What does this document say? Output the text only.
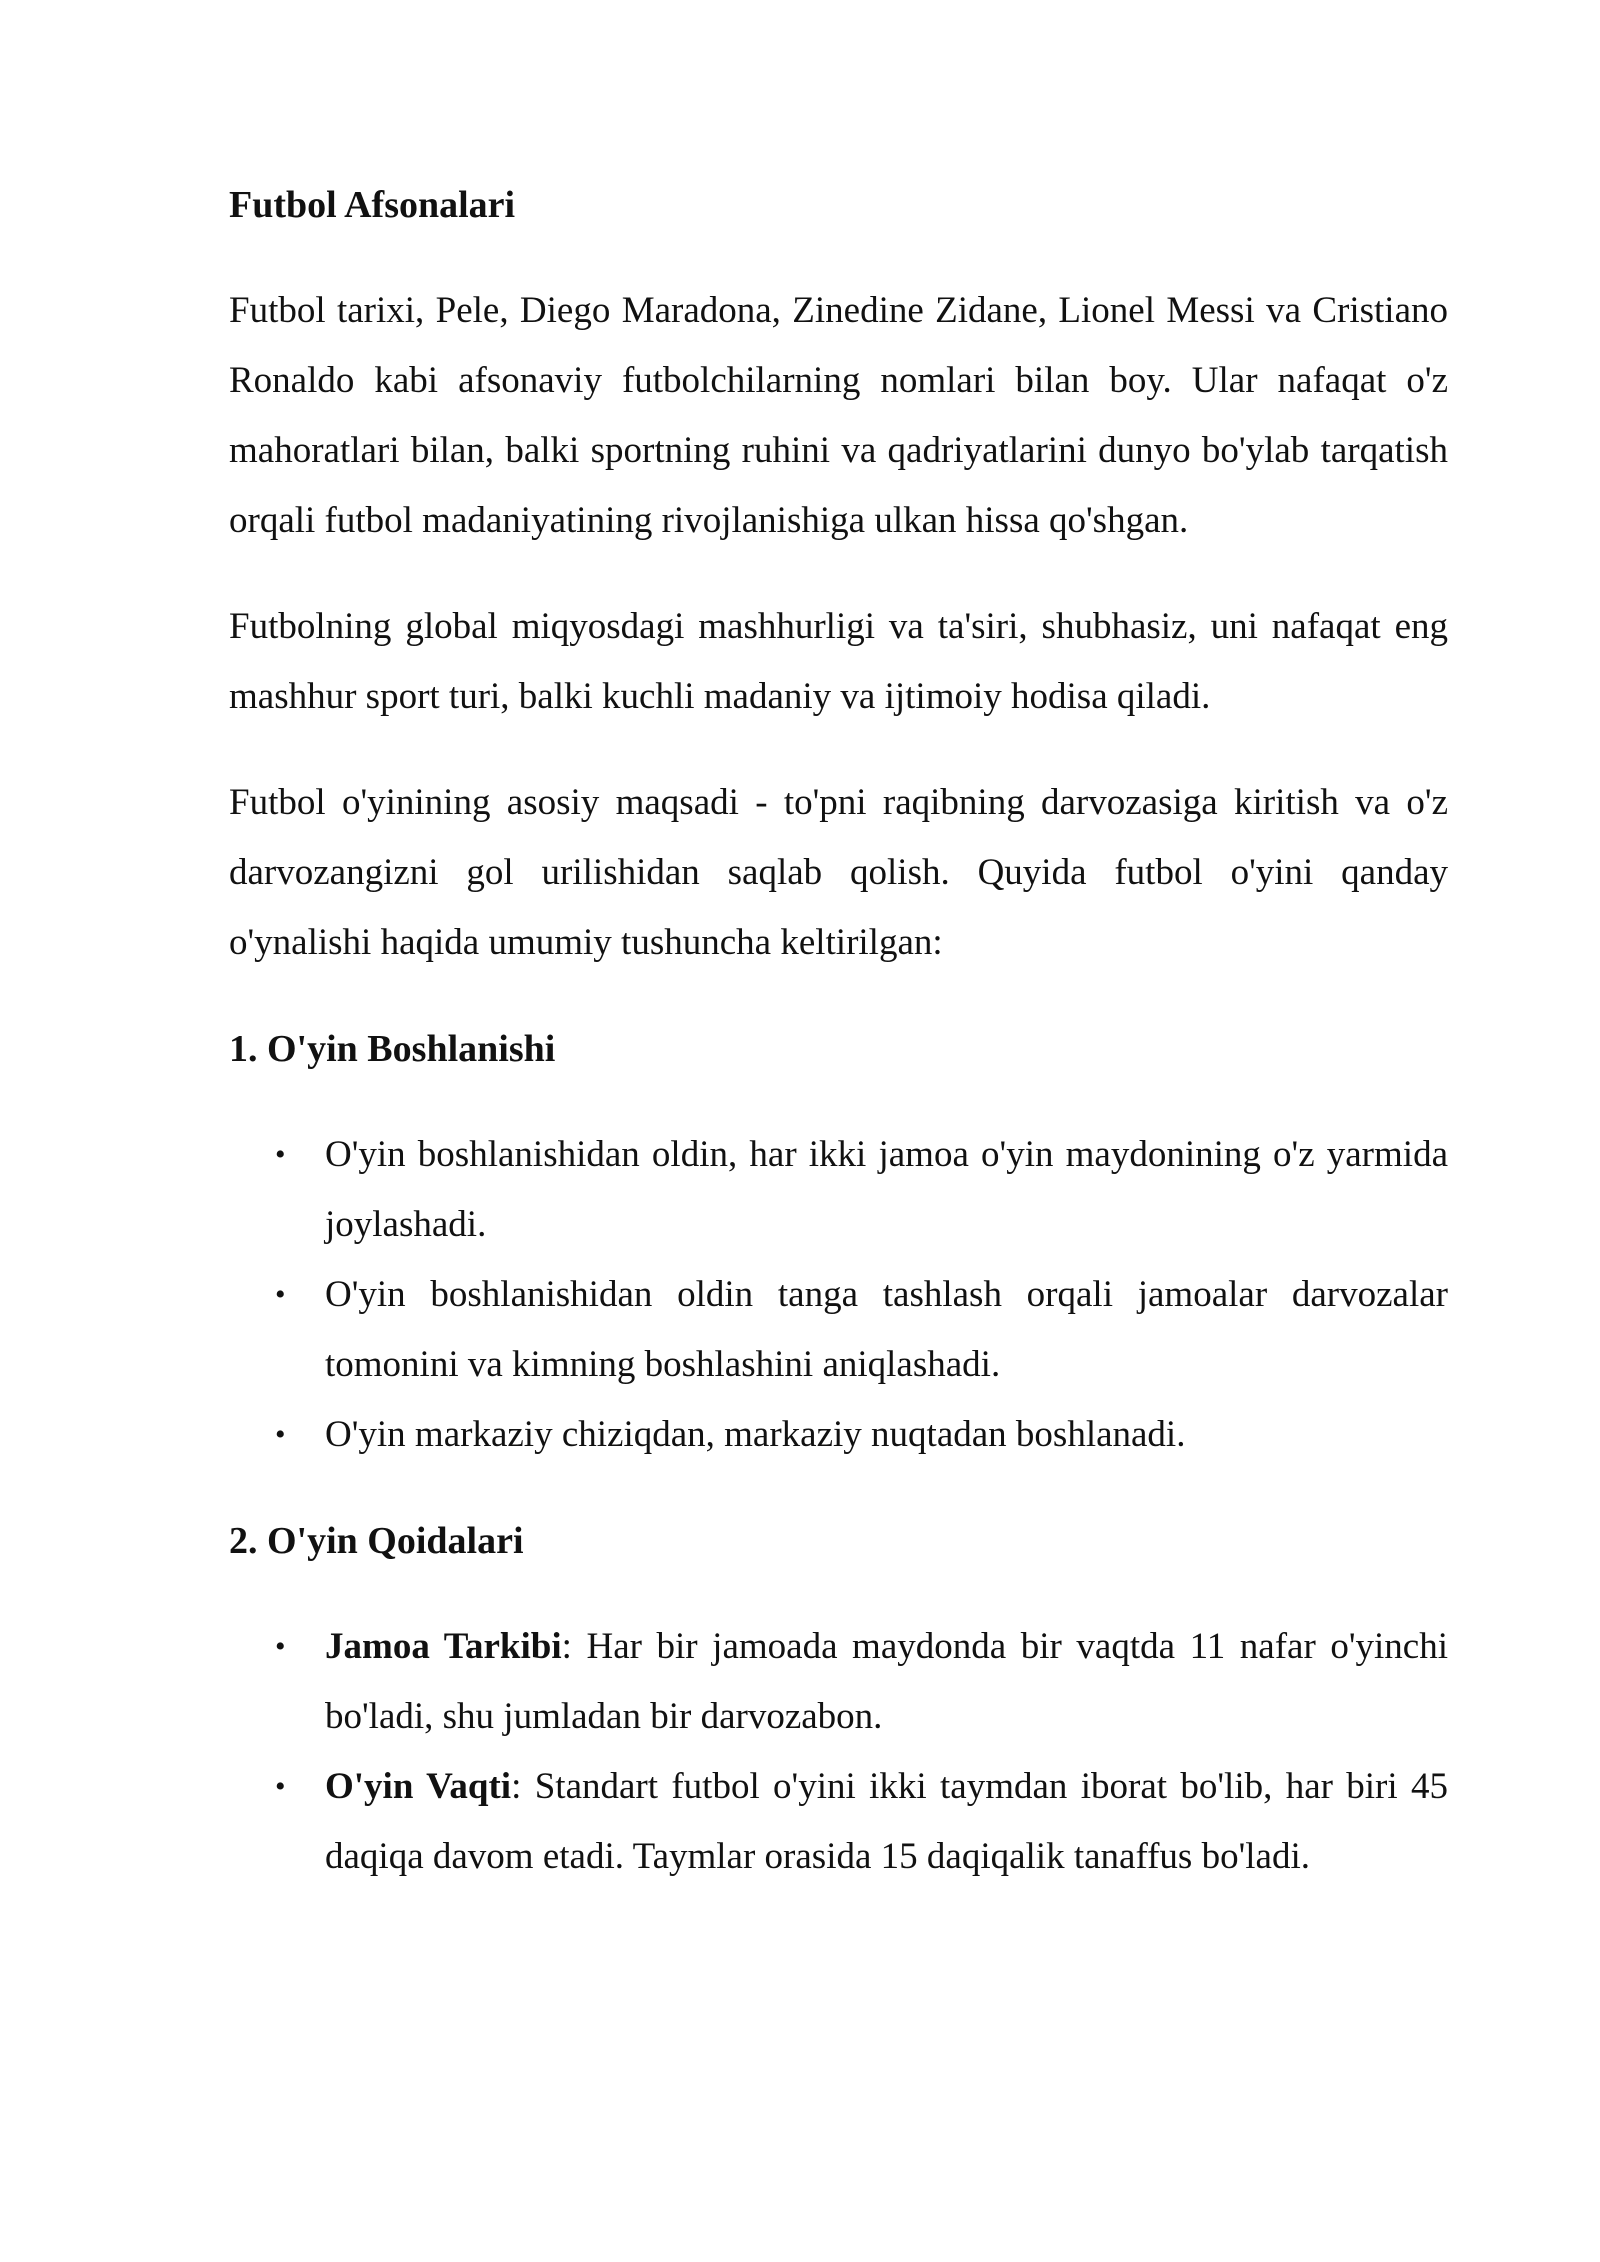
Futbol Afsonalari

Futbol tarixi, Pele, Diego Maradona, Zinedine Zidane, Lionel Messi va Cristiano Ronaldo kabi afsonaviy futbolchilarning nomlari bilan boy. Ular nafaqat o'z mahoratlari bilan, balki sportning ruhini va qadriyatlarini dunyo bo'ylab tarqatish orqali futbol madaniyatining rivojlanishiga ulkan hissa qo'shgan.

Futbolning global miqyosdagi mashhurligi va ta'siri, shubhasiz, uni nafaqat eng mashhur sport turi, balki kuchli madaniy va ijtimoiy hodisa qiladi.

Futbol o'yinining asosiy maqsadi - to'pni raqibning darvozasiga kiritish va o'z darvozangizni gol urilishidan saqlab qolish. Quyida futbol o'yini qanday o'ynalishi haqida umumiy tushuncha keltirilgan:

1. O'yin Boshlanishi
• O'yin boshlanishidan oldin, har ikki jamoa o'yin maydonining o'z yarmida joylashadi.
• O'yin boshlanishidan oldin tanga tashlash orqali jamoalar darvozalar tomonini va kimning boshlashini aniqlashadi.
• O'yin markaziy chiziqdan, markaziy nuqtadan boshlanadi.
2. O'yin Qoidalari
• Jamoa Tarkibi: Har bir jamoada maydonda bir vaqtda 11 nafar o'yinchi bo'ladi, shu jumladan bir darvozabon.
• O'yin Vaqti: Standart futbol o'yini ikki taymdan iborat bo'lib, har biri 45 daqiqa davom etadi. Taymlar orasida 15 daqiqalik tanaffus bo'ladi.
